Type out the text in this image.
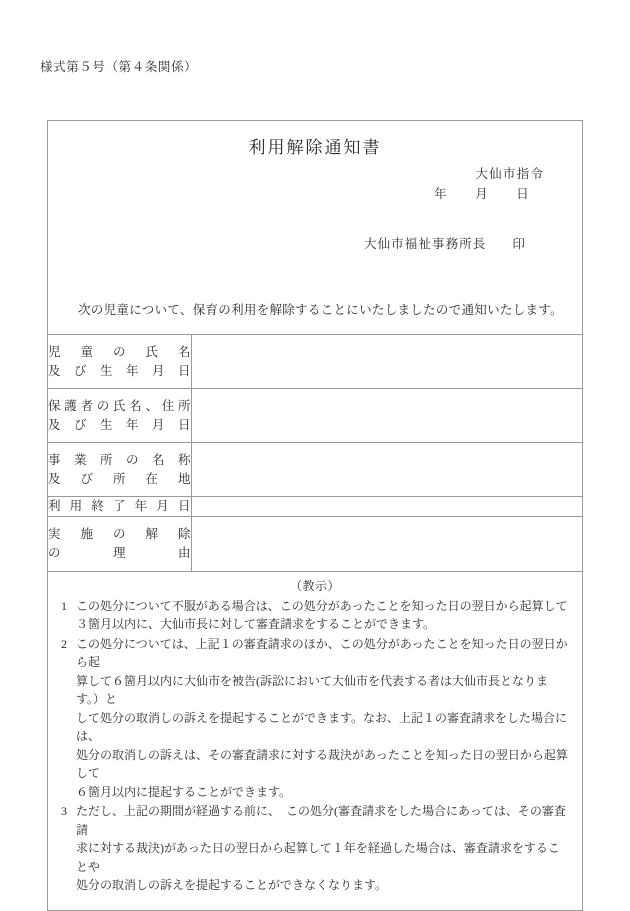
様式第５号（第４条関係）
利用解除通知書
大仙市指令
年　　月　　日
大仙市福祉事務所長 印
次の児童について、保育の利用を解除することにいたしましたので通知いたします。
児童の氏名
及び生年月日	

保護者の氏名、住所
及び生年月日	

事業所の名称
及び所在地	

利用終了年月日	

実施の解除
の理由	

（教示）
1 この処分について不服がある場合は、この処分があったことを知った日の翌日から起算して
３箇月以内に、大仙市長に対して審査請求をすることができます。
2 この処分については、上記１の審査請求のほか、この処分があったことを知った日の翌日から起
算して６箇月以内に大仙市を被告(訴訟において大仙市を代表する者は大仙市長となります。）と
して処分の取消しの訴えを提起することができます。なお、上記１の審査請求をした場合には、
処分の取消しの訴えは、その審査請求に対する裁決があったことを知った日の翌日から起算して
６箇月以内に提起することができます。
3 ただし、上記の期間が経過する前に、　この処分(審査請求をした場合にあっては、その審査請
求に対する裁決)があった日の翌日から起算して１年を経過した場合は、審査請求をすることや
処分の取消しの訴えを提起することができなくなります。
